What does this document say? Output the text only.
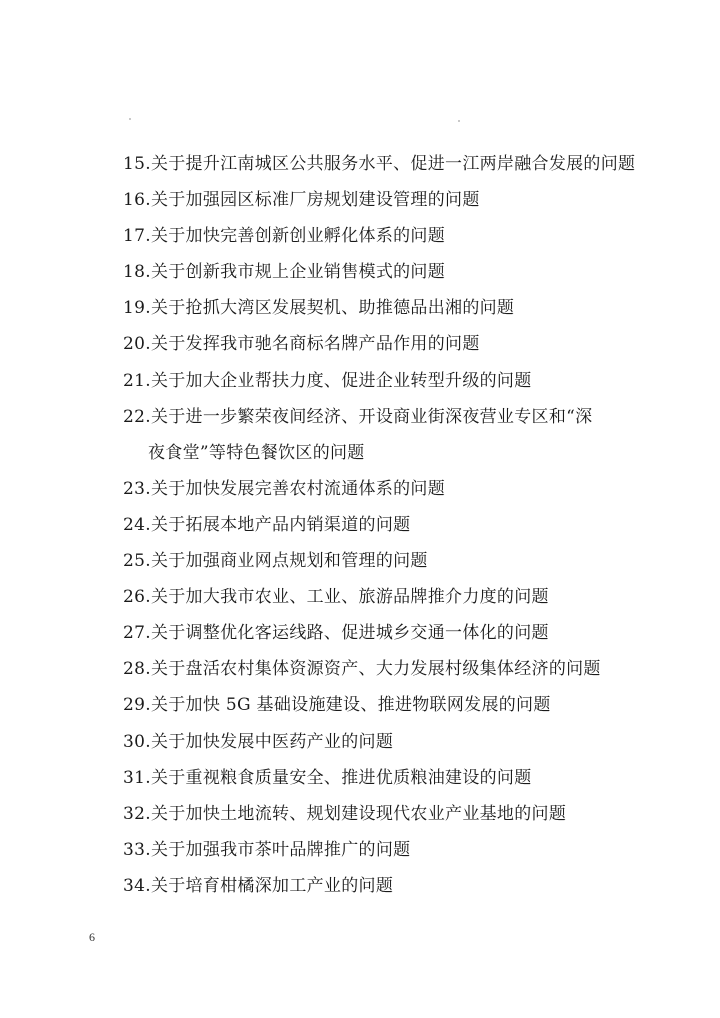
15.关于提升江南城区公共服务水平、促进一江两岸融合发展的问题
16.关于加强园区标准厂房规划建设管理的问题
17.关于加快完善创新创业孵化体系的问题
18.关于创新我市规上企业销售模式的问题
19.关于抢抓大湾区发展契机、助推德品出湘的问题
20.关于发挥我市驰名商标名牌产品作用的问题
21.关于加大企业帮扶力度、促进企业转型升级的问题
22.关于进一步繁荣夜间经济、开设商业街深夜营业专区和“深
夜食堂”等特色餐饮区的问题
23.关于加快发展完善农村流通体系的问题
24.关于拓展本地产品内销渠道的问题
25.关于加强商业网点规划和管理的问题
26.关于加大我市农业、工业、旅游品牌推介力度的问题
27.关于调整优化客运线路、促进城乡交通一体化的问题
28.关于盘活农村集体资源资产、大力发展村级集体经济的问题
29.关于加快 5G 基础设施建设、推进物联网发展的问题
30.关于加快发展中医药产业的问题
31.关于重视粮食质量安全、推进优质粮油建设的问题
32.关于加快土地流转、规划建设现代农业产业基地的问题
33.关于加强我市茶叶品牌推广的问题
34.关于培育柑橘深加工产业的问题
6
